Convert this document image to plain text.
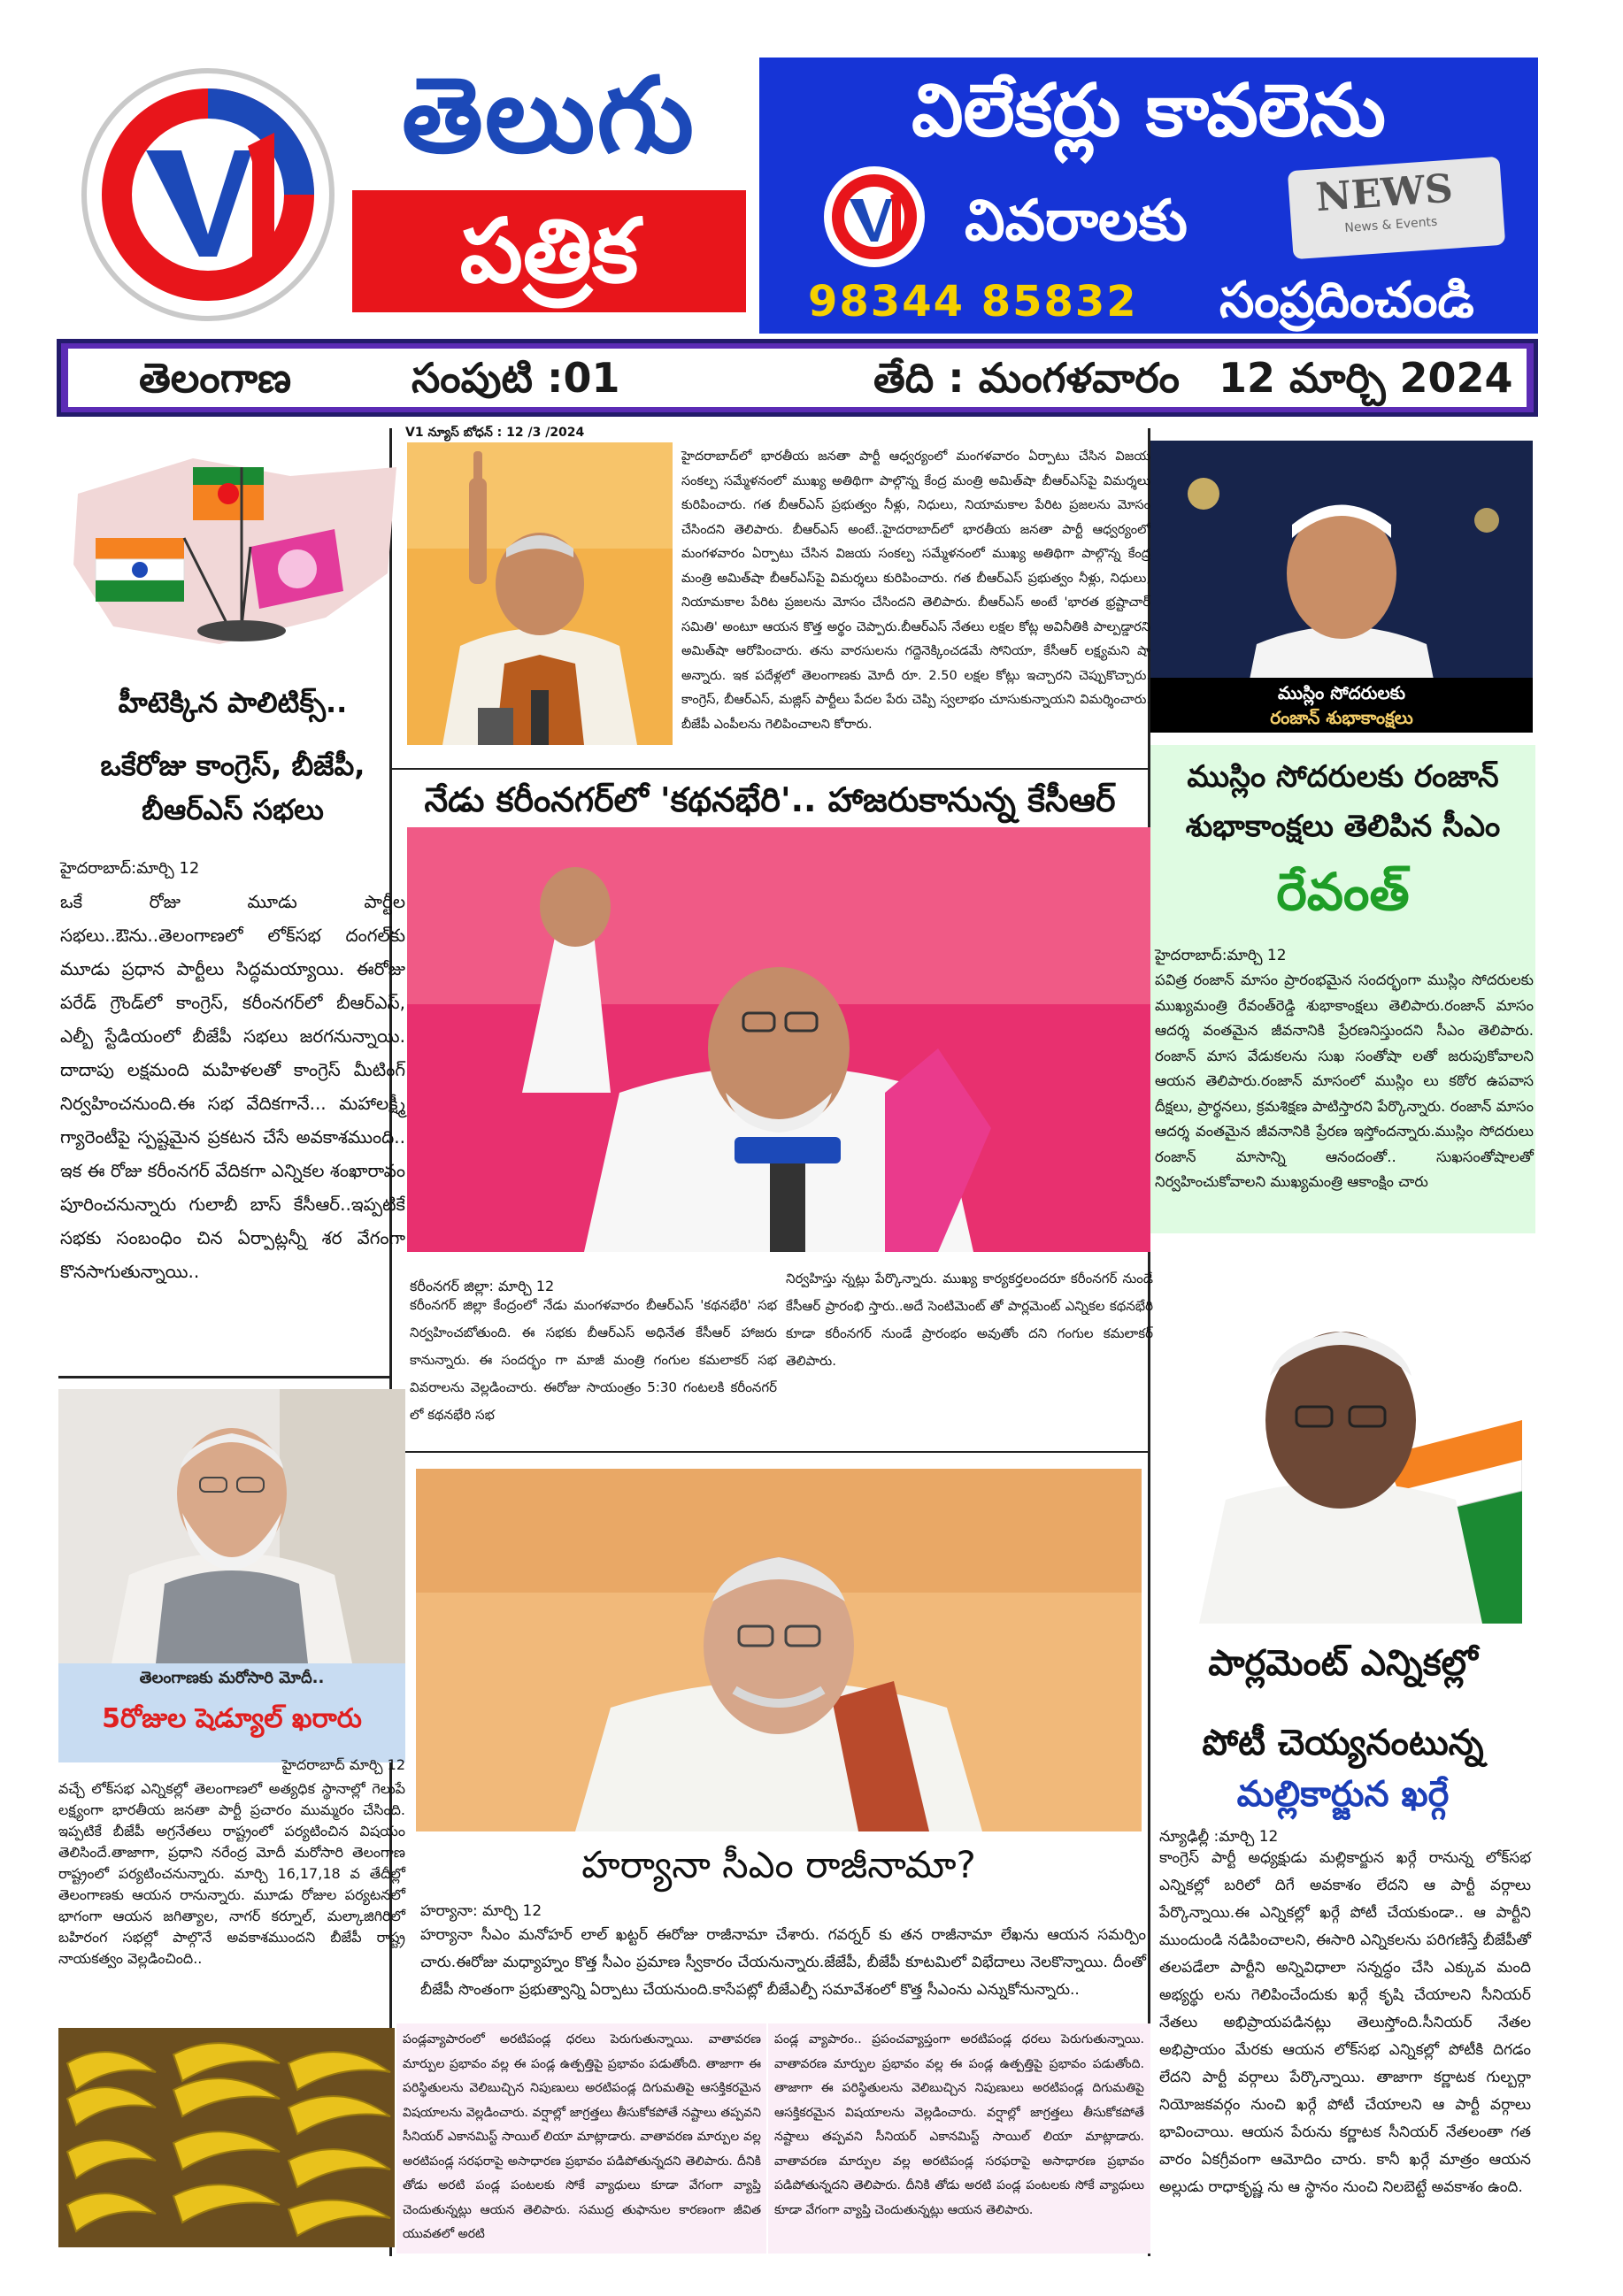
తెలుగు
పత్రిక
విలేకర్లు కావలెను
వివరాలకు	NEWS
News & Events
98344 85832 సంప్రదించండి
తెలంగాణ	సంపుటి :01	తేది : మంగళవారం 12 మార్చి 2024
హీటెక్కిన పాలిటిక్స్..
ఒకేరోజు కాంగ్రెస్, బీజేపీ, బీఆర్ఎస్ సభలు
హైదరాబాద్:మార్చి 12
ఒకే రోజు మూడు పార్టీల సభలు..ఔను..తెలంగాణలో లోక్‌సభ దంగల్‌కు మూడు ప్రధాన పార్టీలు సిద్ధమయ్యాయి. ఈరోజు పరేడ్ గ్రౌండ్‌లో కాంగ్రెస్, కరీంనగర్‌లో బీఆర్ఎస్, ఎల్బీ స్టేడియంలో బీజేపీ సభలు జరగనున్నాయి. దాదాపు లక్షమంది మహిళలతో కాంగ్రెస్ మీటింగ్ నిర్వహించనుంది.ఈ సభ వేదికగానే... మహాలక్ష్మీ గ్యారెంటీపై స్పష్టమైన ప్రకటన చేసే అవకాశముంది.. ఇక ఈ రోజు కరీంనగర్ వేదికగా ఎన్నికల శంఖారావం పూరించనున్నారు గులాబీ బాస్ కేసీఆర్..ఇప్పటికే సభకు సంబంధిం చిన ఏర్పాట్లన్నీ శర వేగంగా కొనసాగుతున్నాయి..
తెలంగాణకు మరోసారి మోదీ..
5రోజుల షెడ్యూల్ ఖరారు
హైదరాబాద్ మార్చి 12
వచ్చే లోక్‌సభ ఎన్నికల్లో తెలంగాణలో అత్యధిక స్థానాల్లో గెలుపే లక్ష్యంగా భారతీయ జనతా పార్టీ ప్రచారం ముమ్మరం చేసింది. ఇప్పటికే బీజేపీ అగ్రనేతలు రాష్ట్రంలో పర్యటించిన విషయం తెలిసిందే.తాజాగా, ప్రధాని నరేంద్ర మోదీ మరోసారి తెలంగాణ రాష్ట్రంలో పర్యటించనున్నారు. మార్చి 16,17,18 వ తేదీల్లో తెలంగాణకు ఆయన రానున్నారు. మూడు రోజుల పర్యటనలో భాగంగా ఆయన జగిత్యాల, నాగర్ కర్నూల్, మల్కాజిగిరిలో బహిరంగ సభల్లో పాల్గొనే అవకాశముందని బీజేపీ రాష్ట్ర నాయకత్వం వెల్లడించింది..
V1 న్యూస్ బోధన్ : 12 /3 /2024
హైదరాబాద్‌లో భారతీయ జనతా పార్టీ ఆధ్వర్యంలో మంగళవారం ఏర్పాటు చేసిన విజయ సంకల్ప సమ్మేళనంలో ముఖ్య అతిథిగా పాల్గొన్న కేంద్ర మంత్రి అమిత్‌షా బీఆర్ఎస్‌పై విమర్శలు కురిపించారు. గత బీఆర్ఎస్ ప్రభుత్వం నీళ్లు, నిధులు, నియామకాల పేరిట ప్రజలను మోసం చేసిందని తెలిపారు. బీఆర్ఎస్ అంటే..హైదరాబాద్‌లో భారతీయ జనతా పార్టీ ఆధ్వర్యంలో మంగళవారం ఏర్పాటు చేసిన విజయ సంకల్ప సమ్మేళనంలో ముఖ్య అతిథిగా పాల్గొన్న కేంద్ర మంత్రి అమిత్‌షా బీఆర్ఎస్‌పై విమర్శలు కురిపించారు. గత బీఆర్ఎస్ ప్రభుత్వం నీళ్లు, నిధులు, నియామకాల పేరిట ప్రజలను మోసం చేసిందని తెలిపారు. బీఆర్ఎస్ అంటే 'భారత భ్రష్టాచార్ సమితి' అంటూ ఆయన కొత్త అర్థం చెప్పారు.బీఆర్ఎస్ నేతలు లక్షల కోట్ల అవినీతికి పాల్పడ్డారని అమిత్‌షా ఆరోపించారు. తను వారసులను గద్దెనెక్కించడమే సోనియా, కేసీఆర్ లక్ష్యమని షా అన్నారు. ఇక పదేళ్లలో తెలంగాణకు మోదీ రూ. 2.50 లక్షల కోట్లు ఇచ్చారని చెప్పుకొచ్చారు. కాంగ్రెస్, బీఆర్ఎస్, మజ్లిస్ పార్టీలు పేదల పేరు చెప్పి స్వలాభం చూసుకున్నాయని విమర్శించారు. బీజేపీ ఎంపీలను గెలిపించాలని కోరారు.
నేడు కరీంనగర్‌లో 'కథనభేరి'.. హాజరుకానున్న కేసీఆర్
కరీంనగర్ జిల్లా: మార్చి 12
కరీంనగర్ జిల్లా కేంద్రంలో నేడు మంగళవారం బీఆర్ఎస్ 'కథనభేరి' సభ నిర్వహించబోతుంది. ఈ సభకు బీఆర్ఎస్ అధినేత కేసీఆర్ హాజరు కానున్నారు. ఈ సందర్భం గా మాజీ మంత్రి గంగుల కమలాకర్ సభ వివరాలను వెల్లడించారు. ఈరోజు సాయంత్రం 5:30 గంటలకి కరీంనగర్ లో కథనభేరి సభ
నిర్వహిస్తు న్నట్లు పేర్కొన్నారు. ముఖ్య కార్యకర్తలందరూ కరీంనగర్ నుండే కేసీఆర్ ప్రారంభి స్తారు..అదే సెంటిమెంట్ తో పార్లమెంట్ ఎన్నికల కథనభేరి కూడా కరీంనగర్ నుండే ప్రారంభం అవుతోం దని గంగుల కమలాకర్ తెలిపారు.
హర్యానా సీఎం రాజీనామా?
హర్యానా: మార్చి 12
హర్యానా సీఎం మనోహర్ లాల్ ఖట్టర్ ఈరోజు రాజీనామా చేశారు. గవర్నర్ కు తన రాజీనామా లేఖను ఆయన సమర్పిం చారు.ఈరోజు మధ్యాహ్నం కొత్త సీఎం ప్రమాణ స్వీకారం చేయనున్నారు.జేజేపీ, బీజేపీ కూటమిలో విభేదాలు నెలకొన్నాయి. దీంతో బీజేపీ సొంతంగా ప్రభుత్వాన్ని ఏర్పాటు చేయనుంది.కాసేపట్లో బీజేఎల్పీ సమావేశంలో కొత్త సీఎంను ఎన్నుకోనున్నారు..
పండ్లవ్యాపారంలో అరటిపండ్ల ధరలు పెరుగుతున్నాయి. వాతావరణ మార్పుల ప్రభావం వల్ల ఈ పండ్ల ఉత్పత్తిపై ప్రభావం పడుతోంది. తాజాగా ఈ పరిస్థితులను వెలిబుచ్చిన నిపుణులు అరటిపండ్ల దిగుమతిపై ఆసక్తికరమైన విషయాలను వెల్లడించారు. వర్షాల్లో జాగ్రత్తలు తీసుకోకపోతే నష్టాలు తప్పవని సీనియర్ ఎకానమిస్ట్ సాయిల్ లియా మాట్లాడారు. వాతావరణ మార్పుల వల్ల అరటిపండ్ల సరఫరాపై అసాధారణ ప్రభావం పడిపోతున్నదని తెలిపారు. దీనికి తోడు అరటి పండ్ల పంటలకు సోకే వ్యాధులు కూడా వేగంగా వ్యాప్తి చెందుతున్నట్లు ఆయన తెలిపారు. సముద్ర తుఫానుల కారణంగా జీవిత యువతలో అరటి
పండ్ల వ్యాపారం.. ప్రపంచవ్యాప్తంగా అరటిపండ్ల ధరలు పెరుగుతున్నాయి. వాతావరణ మార్పుల ప్రభావం వల్ల ఈ పండ్ల ఉత్పత్తిపై ప్రభావం పడుతోంది. తాజాగా ఈ పరిస్థితులను వెలిబుచ్చిన నిపుణులు అరటిపండ్ల దిగుమతిపై ఆసక్తికరమైన విషయాలను వెల్లడించారు. వర్షాల్లో జాగ్రత్తలు తీసుకోకపోతే నష్టాలు తప్పవని సీనియర్ ఎకానమిస్ట్ సాయిల్ లియా మాట్లాడారు. వాతావరణ మార్పుల వల్ల అరటిపండ్ల సరఫరాపై అసాధారణ ప్రభావం పడిపోతున్నదని తెలిపారు. దీనికి తోడు అరటి పండ్ల పంటలకు సోకే వ్యాధులు కూడా వేగంగా వ్యాప్తి చెందుతున్నట్లు ఆయన తెలిపారు.
ముస్లిం సోదరులకు
రంజాన్ శుభాకాంక్షలు
ముస్లిం సోదరులకు రంజాన్ శుభాకాంక్షలు తెలిపిన సీఎం
రేవంత్
హైదరాబాద్:మార్చి 12
పవిత్ర రంజాన్ మాసం ప్రారంభమైన సందర్భంగా ముస్లిం సోదరులకు ముఖ్యమంత్రి రేవంత్‌రెడ్డి శుభాకాంక్షలు తెలిపారు.రంజాన్ మాసం ఆదర్శ వంతమైన జీవనానికి ప్రేరణనిస్తుందని సీఎం తెలిపారు. రంజాన్ మాస వేడుకలను సుఖ సంతోషా లతో జరుపుకోవాలని ఆయన తెలిపారు.రంజాన్ మాసంలో ముస్లిం లు కఠోర ఉపవాస దీక్షలు, ప్రార్థనలు, క్రమశిక్షణ పాటిస్తారని పేర్కొన్నారు. రంజాన్ మాసం ఆదర్శ వంతమైన జీవనానికి ప్రేరణ ఇస్తోందన్నారు.ముస్లిం సోదరులు రంజాన్ మాసాన్ని ఆనందంతో.. సుఖసంతోషాలతో నిర్వహించుకోవాలని ముఖ్యమంత్రి ఆకాంక్షిం చారు
పార్లమెంట్ ఎన్నికల్లో
పోటీ చెయ్యనంటున్న
మల్లికార్జున ఖర్గే
న్యూఢిల్లీ :మార్చి 12
కాంగ్రెస్ పార్టీ అధ్యక్షుడు మల్లికార్జున ఖర్గే రానున్న లోక్‌సభ ఎన్నికల్లో బరిలో దిగే అవకాశం లేదని ఆ పార్టీ వర్గాలు పేర్కొన్నాయి.ఈ ఎన్నికల్లో ఖర్గే పోటీ చేయకుండా.. ఆ పార్టీని ముందుండి నడిపించాలని, ఈసారి ఎన్నికలను పరిగణిస్తే బీజేపీతో తలపడేలా పార్టీని అన్నివిధాలా సన్నద్ధం చేసి ఎక్కువ మంది అభ్యర్థు లను గెలిపించేందుకు ఖర్గే కృషి చేయాలని సీనియర్ నేతలు అభిప్రాయపడినట్లు తెలుస్తోంది.సీనియర్ నేతల అభిప్రాయం మేరకు ఆయన లోక్‌సభ ఎన్నికల్లో పోటీకి దిగడం లేదని పార్టీ వర్గాలు పేర్కొన్నాయి. తాజాగా కర్ణాటక గుల్బర్గా నియోజకవర్గం నుంచి ఖర్గే పోటీ చేయాలని ఆ పార్టీ వర్గాలు భావించాయి. ఆయన పేరును కర్ణాటక సీనియర్ నేతలంతా గత వారం ఏకగ్రీవంగా ఆమోదిం చారు. కానీ ఖర్గే మాత్రం ఆయన అల్లుడు రాధాకృష్ణ ను ఆ స్థానం నుంచి నిలబెట్టే అవకాశం ఉంది.
